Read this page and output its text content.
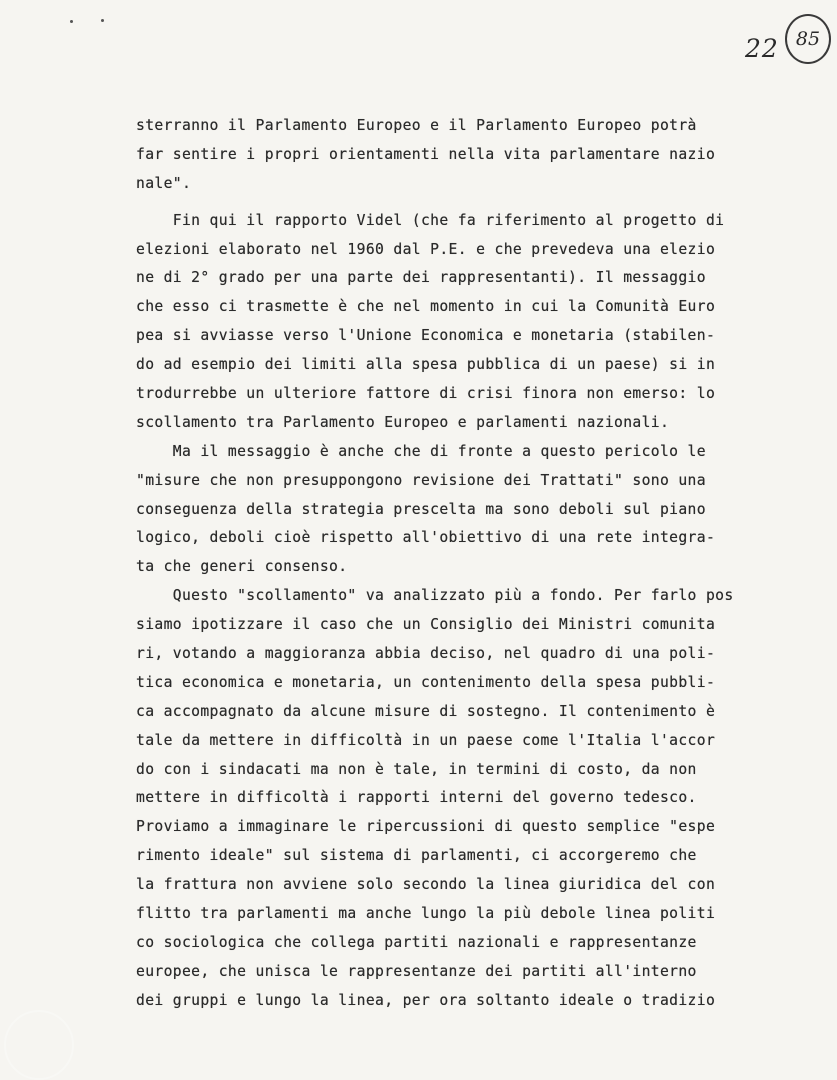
22 85
sterranno il Parlamento Europeo e il Parlamento Europeo potrà
far sentire i propri orientamenti nella vita parlamentare nazio
nale".
Fin qui il rapporto Videl (che fa riferimento al progetto di
elezioni elaborato nel 1960 dal P.E. e che prevedeva una elezio
ne di 2° grado per una parte dei rappresentanti). Il messaggio
che esso ci trasmette è che nel momento in cui la Comunità Euro
pea si avviasse verso l'Unione Economica e monetaria (stabilen-
do ad esempio dei limiti alla spesa pubblica di un paese) si in
trodurrebbe un ulteriore fattore di crisi finora non emerso: lo
scollamento tra Parlamento Europeo e parlamenti nazionali.
Ma il messaggio è anche che di fronte a questo pericolo le
"misure che non presuppongono revisione dei Trattati" sono una
conseguenza della strategia prescelta ma sono deboli sul piano
logico, deboli cioè rispetto all'obiettivo di una rete integra-
ta che generi consenso.
Questo "scollamento" va analizzato più a fondo. Per farlo pos
siamo ipotizzare il caso che un Consiglio dei Ministri comunita
ri, votando a maggioranza abbia deciso, nel quadro di una poli-
tica economica e monetaria, un contenimento della spesa pubbli-
ca accompagnato da alcune misure di sostegno. Il contenimento è
tale da mettere in difficoltà in un paese come l'Italia l'accor
do con i sindacati ma non è tale, in termini di costo, da non
mettere in difficoltà i rapporti interni del governo tedesco.
Proviamo a immaginare le ripercussioni di questo semplice "espe
rimento ideale" sul sistema di parlamenti, ci accorgeremo che
la frattura non avviene solo secondo la linea giuridica del con
flitto tra parlamenti ma anche lungo la più debole linea politi
co sociologica che collega partiti nazionali e rappresentanze
europee, che unisca le rappresentanze dei partiti all'interno
dei gruppi e lungo la linea, per ora soltanto ideale o tradizio
